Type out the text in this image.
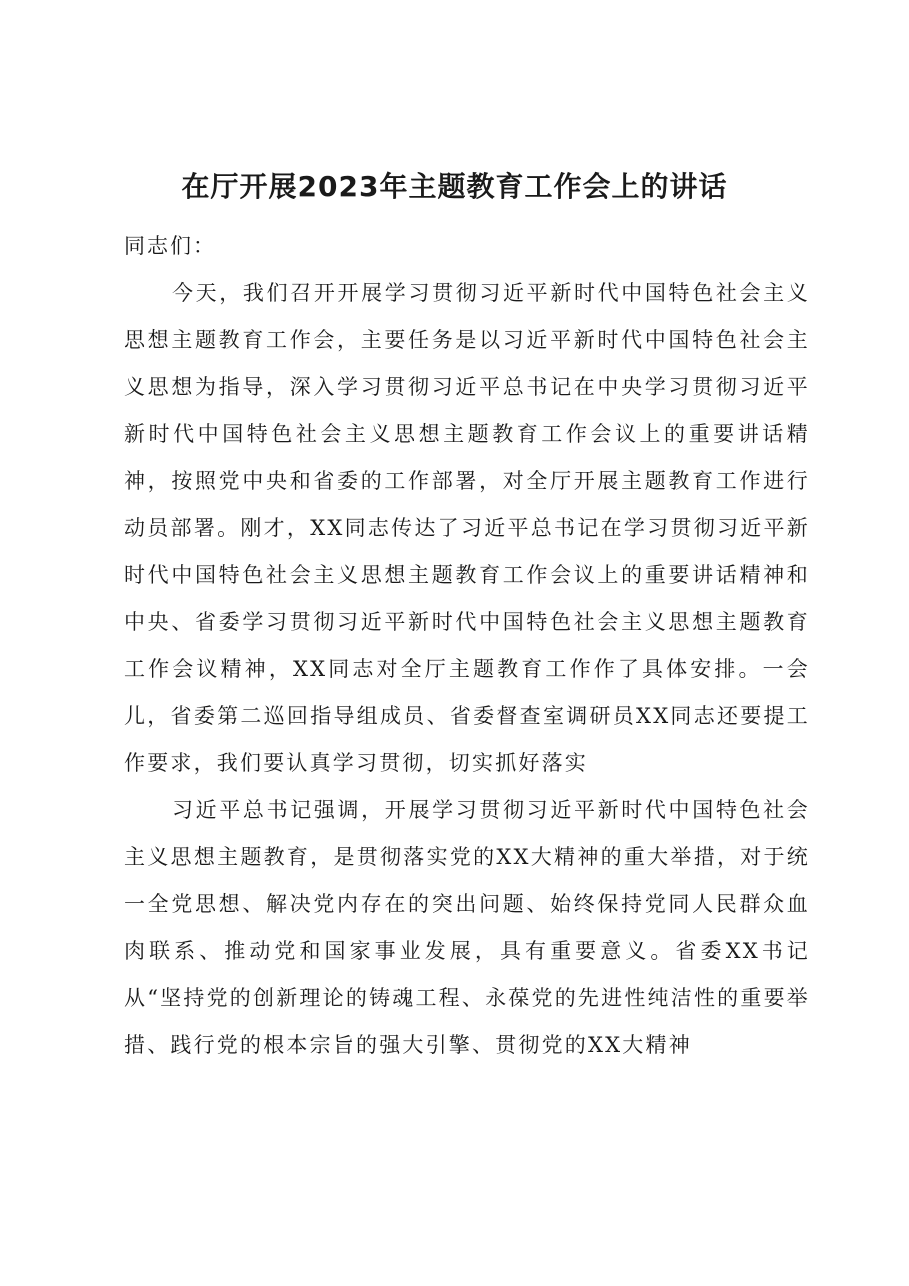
在厅开展2023年主题教育工作会上的讲话

同志们：

今天，我们召开开展学习贯彻习近平新时代中国特色社会主义思想主题教育工作会，主要任务是以习近平新时代中国特色社会主义思想为指导，深入学习贯彻习近平总书记在中央学习贯彻习近平新时代中国特色社会主义思想主题教育工作会议上的重要讲话精神，按照党中央和省委的工作部署，对全厅开展主题教育工作进行动员部署。刚才，XX同志传达了习近平总书记在学习贯彻习近平新时代中国特色社会主义思想主题教育工作会议上的重要讲话精神和中央、省委学习贯彻习近平新时代中国特色社会主义思想主题教育工作会议精神，XX同志对全厅主题教育工作作了具体安排。一会儿，省委第二巡回指导组成员、省委督查室调研员XX同志还要提工作要求，我们要认真学习贯彻，切实抓好落实

习近平总书记强调，开展学习贯彻习近平新时代中国特色社会主义思想主题教育，是贯彻落实党的XX大精神的重大举措，对于统一全党思想、解决党内存在的突出问题、始终保持党同人民群众血肉联系、推动党和国家事业发展，具有重要意义。省委XX书记从“坚持党的创新理论的铸魂工程、永葆党的先进性纯洁性的重要举措、践行党的根本宗旨的强大引擎、贯彻党的XX大精神
